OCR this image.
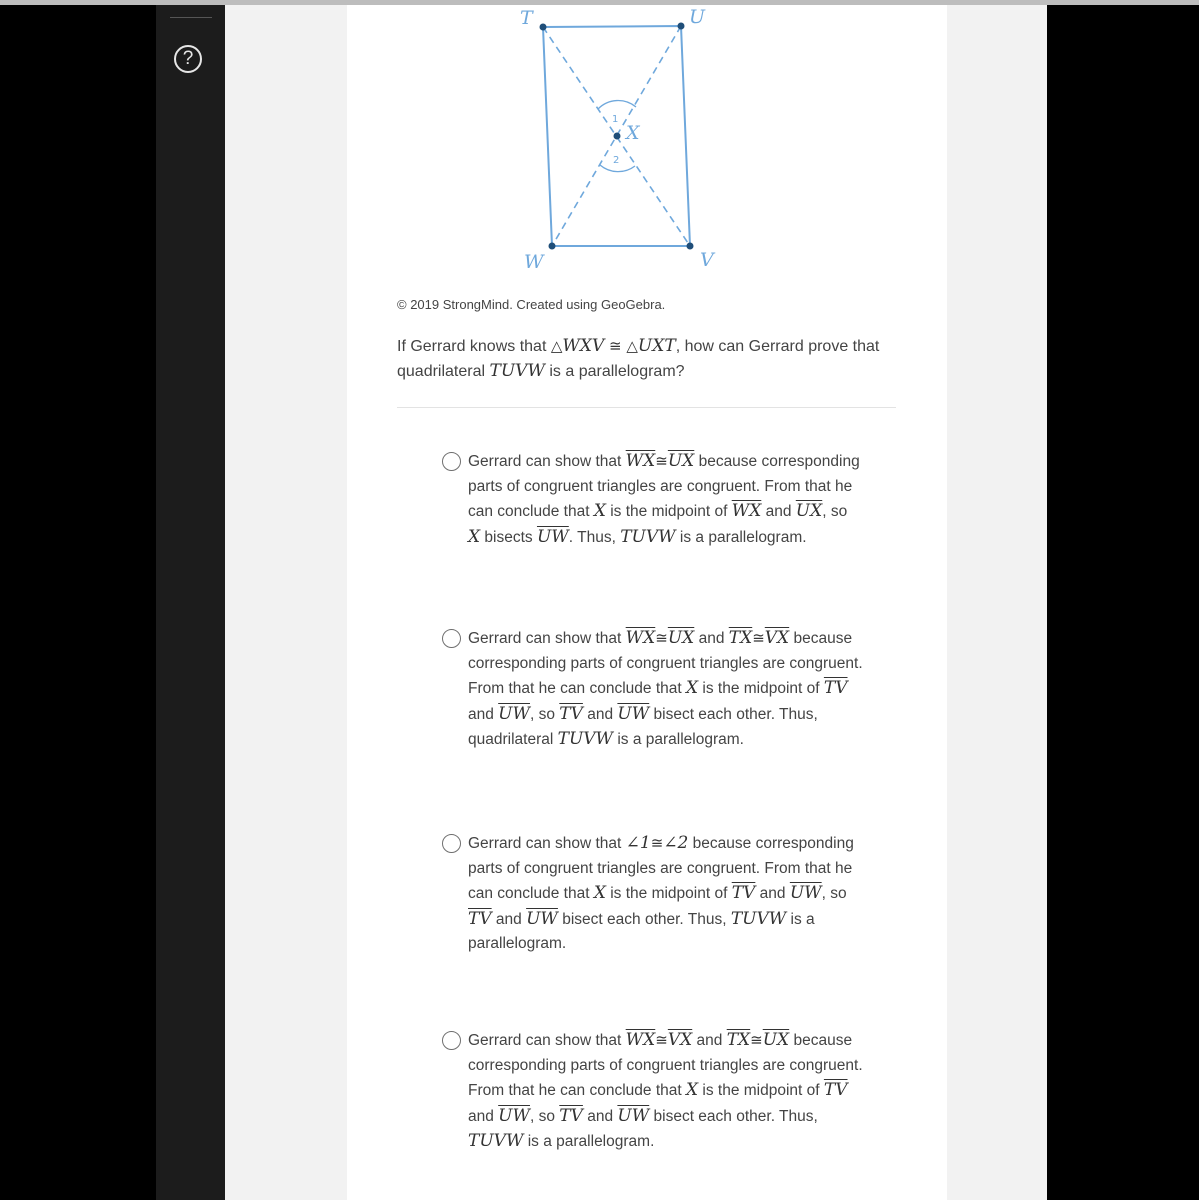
?
T	U
V
W
X
1
2
© 2019 StrongMind. Created using GeoGebra.
If Gerrard knows that △WXV ≅ △UXT, how can Gerrard prove that quadrilateral TUVW is a parallelogram?
Gerrard can show that $\overline{WX}≅\overline{UX}$ because corresponding parts of congruent triangles are congruent. From that he can conclude that X is the midpoint of $\overline{WX}$ and $\overline{UX}$, so X bisects $\overline{UW}$. Thus, TUVW is a parallelogram.
Gerrard can show that $\overline{WX}≅\overline{UX}$ and $\overline{TX}≅\overline{VX}$ because corresponding parts of congruent triangles are congruent. From that he can conclude that X is the midpoint of $\overline{TV}$ and $\overline{UW}$, so $\overline{TV}$ and $\overline{UW}$ bisect each other. Thus, quadrilateral TUVW is a parallelogram.
Gerrard can show that ∠1≅∠2 because corresponding parts of congruent triangles are congruent. From that he can conclude that X is the midpoint of $\overline{TV}$ and $\overline{UW}$, so $\overline{TV}$ and $\overline{UW}$ bisect each other. Thus, TUVW is a parallelogram.
Gerrard can show that $\overline{WX}≅\overline{VX}$ and $\overline{TX}≅\overline{UX}$ because corresponding parts of congruent triangles are congruent. From that he can conclude that X is the midpoint of $\overline{TV}$ and $\overline{UW}$, so $\overline{TV}$ and $\overline{UW}$ bisect each other. Thus, TUVW is a parallelogram.
